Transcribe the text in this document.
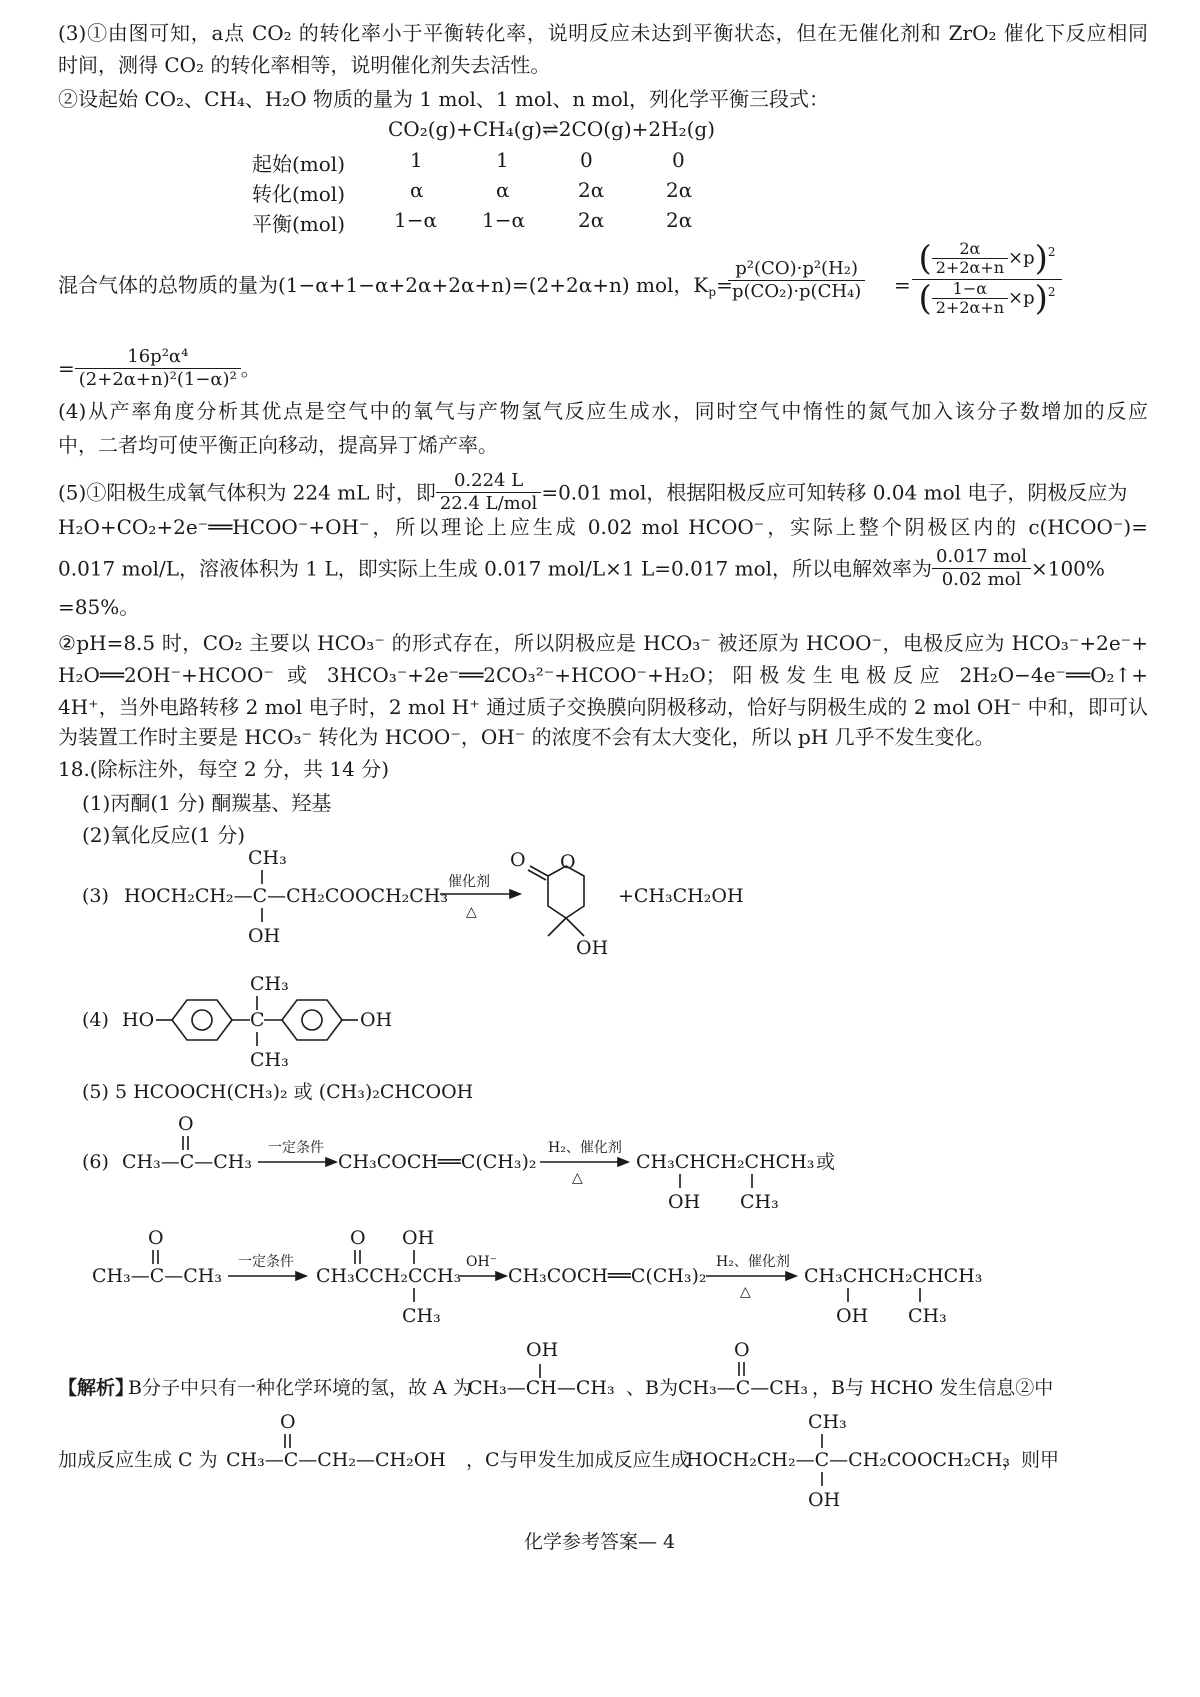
(3)①由图可知，a点 CO₂ 的转化率小于平衡转化率，说明反应未达到平衡状态，但在无催化剂和 ZrO₂ 催化下反应相同
时间，测得 CO₂ 的转化率相等，说明催化剂失去活性。
②设起始 CO₂、CH₄、H₂O 物质的量为 1 mol、1 mol、n mol，列化学平衡三段式：
CO₂(g)+CH₄(g)⇌2CO(g)+2H₂(g)
起始(mol)	1	1	0	0
转化(mol)	α	α	2α	2α
平衡(mol) 1−α 1−α	2α	2α
混合气体的总物质的量为(1−α+1−α+2α+2α+n)=(2+2α+n) mol，$K_p=$
$\frac{\text{p²(CO)·p²(H₂)}}{\text{p(CO₂)·p(CH₄)}}$ =
( $\frac{2\alpha}{2+2\alpha+n} \times p)^2$
( $\frac{1-\alpha}{2+2\alpha+n} \times p)^2$
= $\frac{\text{16p²α⁴}}{\text{(2+2α+n)²(1−α)²}}$ 。
(4)从产率角度分析其优点是空气中的氧气与产物氢气反应生成水，同时空气中惰性的氮气加入该分子数增加的反应
中，二者均可使平衡正向移动，提高异丁烯产率。
(5)①阳极生成氧气体积为 224 mL 时，即 $\frac{0.224 L}{\text{22.4 L/mol}} =0.01$ mol，根据阳极反应可知转移 0.04 mol 电子，阴极反应为
H₂O+CO₂+2e⁻══HCOO⁻+OH⁻，所以理论上应生成 0.02 mol HCOO⁻，实际上整个阴极区内的 c(HCOO⁻)=
0.017 mol/L，溶液体积为 1 L，即实际上生成 0.017 mol/L×1 L=0.017 mol，所以电解效率为 $\frac{\text{0.017 mol}}{\text{0.02 mol}} \times 100\%$
=85%。
②pH=8.5 时，CO₂ 主要以 HCO₃⁻ 的形式存在，所以阴极应是 HCO₃⁻ 被还原为 HCOO⁻，电极反应为 HCO₃⁻+2e⁻+
H₂O══2OH⁻+HCOO⁻ 或 3HCO₃⁻+2e⁻══2CO₃²⁻+HCOO⁻+H₂O；阳极发生电极反应 2H₂O−4e⁻══O₂↑+
4H⁺，当外电路转移 2 mol 电子时，2 mol H⁺ 通过质子交换膜向阴极移动，恰好与阴极生成的 2 mol OH⁻ 中和，即可认
为装置工作时主要是 HCO₃⁻ 转化为 HCOO⁻，OH⁻ 的浓度不会有太大变化，所以 pH 几乎不发生变化。
18.(除标注外，每空 2 分，共 14 分)
(1)丙酮(1 分) 酮羰基、羟基
(2)氧化反应(1 分)
(3) HOCH₂CH₂—C—CH₂COOCH₂CH₃
CH₃
OH
催化剂
△
O
O
OH
+CH₃CH₂OH
(4) HO	C	OH
CH₃
CH₃
(5) 5 HCOOCH(CH₃)₂ 或 (CH₃)₂CHCOOH
(6) CH₃—C—CH₃
O
一定条件
CH₃COCH══C(CH₃)₂
H₂、催化剂
△
CH₃CHCH₂CHCH₃
OH CH₃
或
CH₃—C—CH₃
O
一定条件
CH₃CCH₂CCH₃
O OH
CH₃
OH⁻
CH₃COCH══C(CH₃)₂
H₂、催化剂
△
CH₃CHCH₂CHCH₃
OH CH₃
【解析】
B分子中只有一种化学环境的氢，故 A 为
CH₃—CH—CH₃
OH
、B为 CH₃—C—CH₃
O
，B与 HCHO 发生信息②中
加成反应生成 C 为 CH₃—C—CH₂—CH₂OH
O
，C与甲发生加成反应生成
HOCH₂CH₂—C—CH₂COOCH₂CH₃
CH₃
OH
，则甲
化学参考答案— 4
